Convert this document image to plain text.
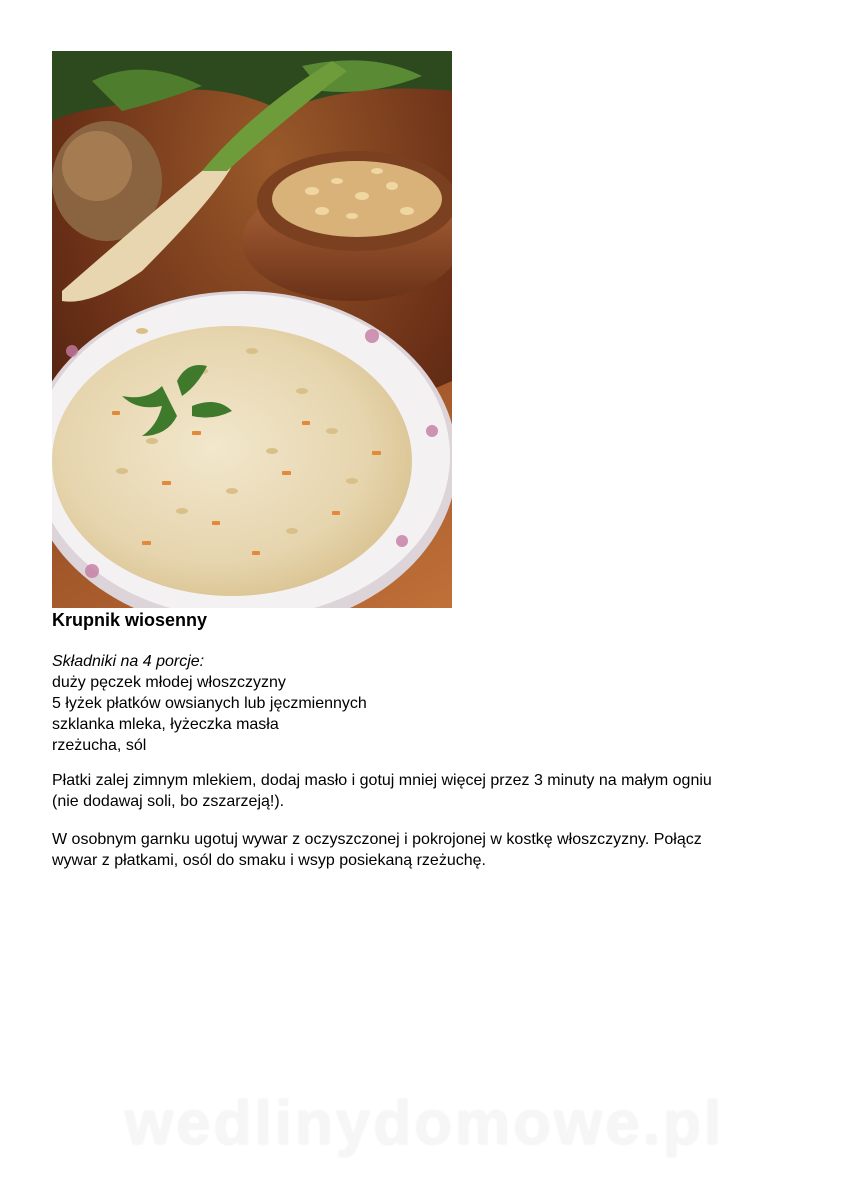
Krupnik wiosenny
Składniki na 4 porcje:
duży pęczek młodej włoszczyzny
5 łyżek płatków owsianych lub jęczmiennych
szklanka mleka, łyżeczka masła
rzeżucha, sól
Płatki zalej zimnym mlekiem, dodaj masło i gotuj mniej więcej przez 3 minuty na małym ogniu
(nie dodawaj soli, bo zszarzeją!).
W osobnym garnku ugotuj wywar z oczyszczonej i pokrojonej w kostkę włoszczyzny. Połącz
wywar z płatkami, osól do smaku i wsyp posiekaną rzeżuchę.
wedlinydomowe.pl
